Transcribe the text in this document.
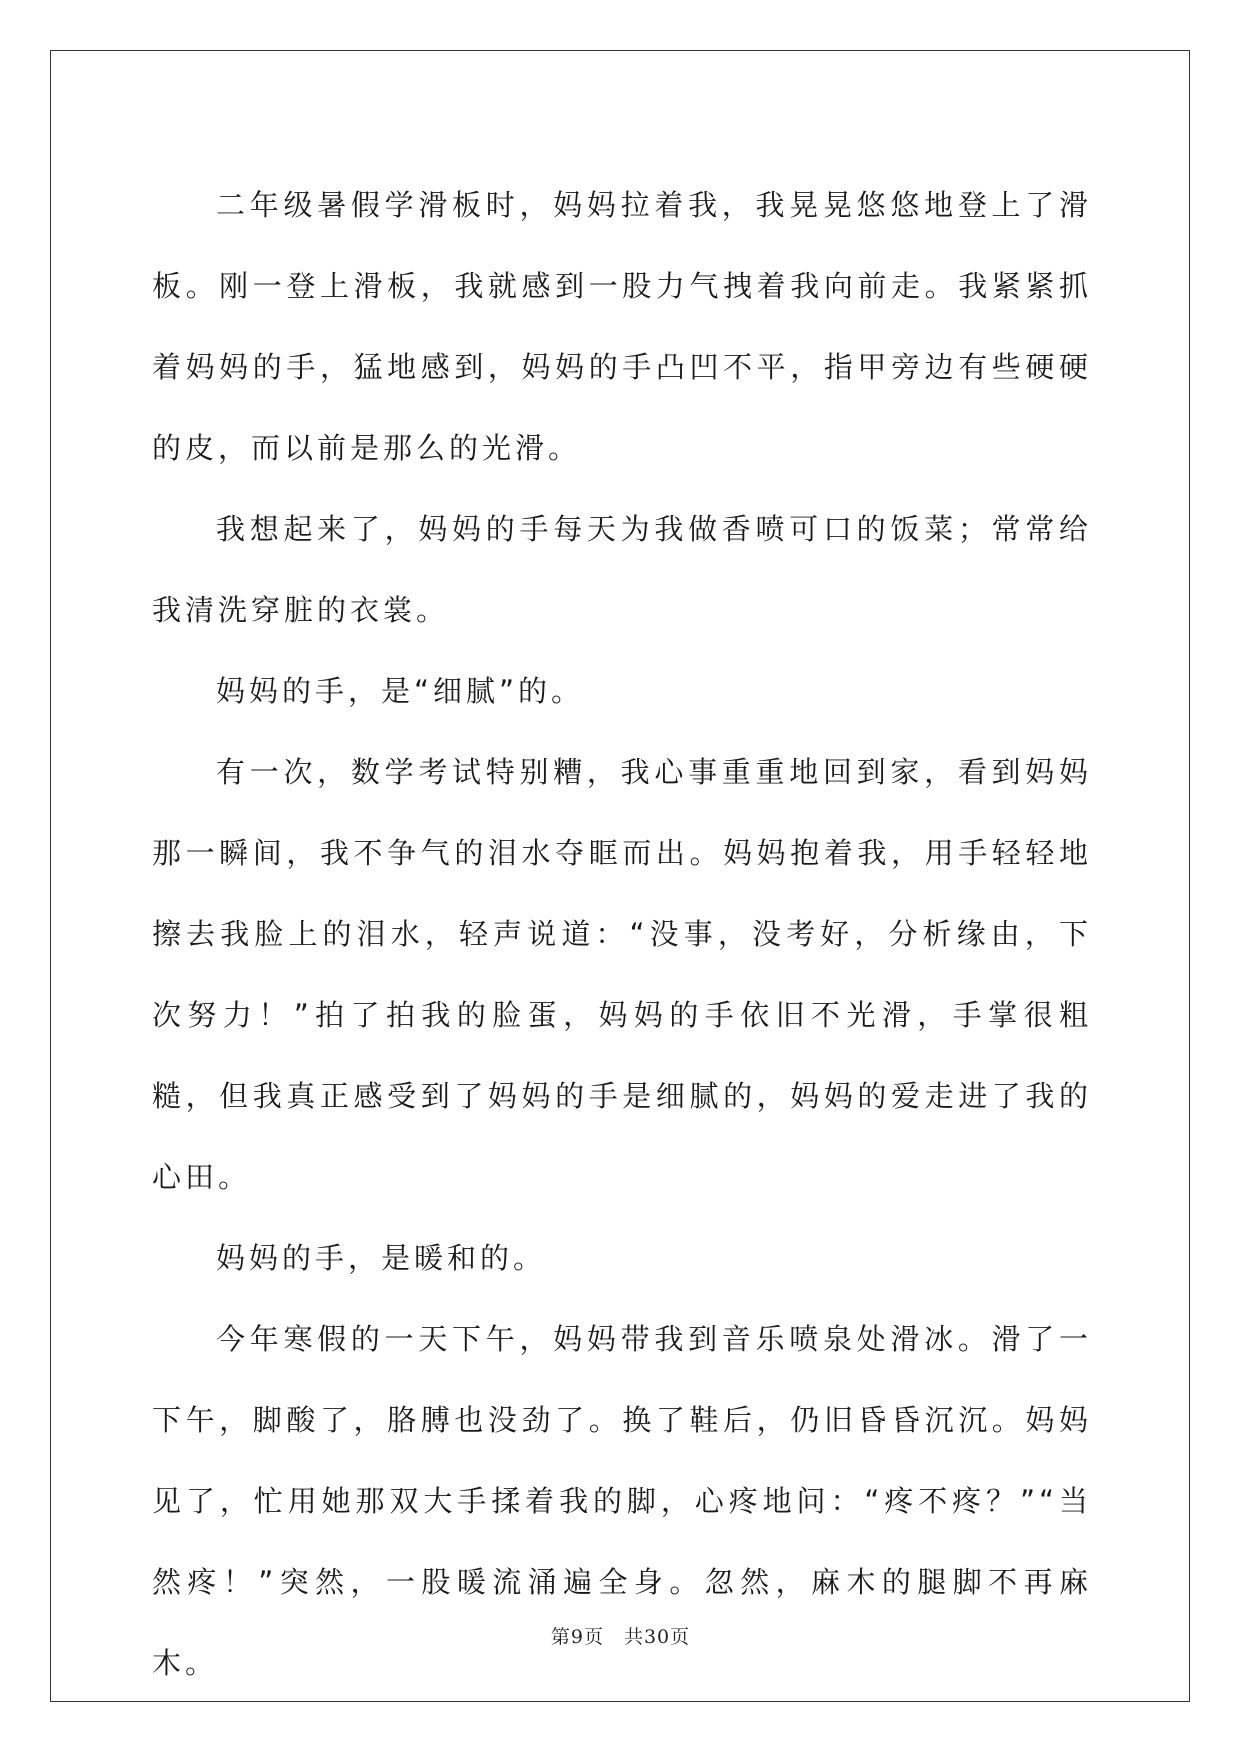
二年级暑假学滑板时，妈妈拉着我，我晃晃悠悠地登上了滑板。刚一登上滑板，我就感到一股力气拽着我向前走。我紧紧抓着妈妈的手，猛地感到，妈妈的手凸凹不平，指甲旁边有些硬硬的皮，而以前是那么的光滑。

我想起来了，妈妈的手每天为我做香喷可口的饭菜；常常给我清洗穿脏的衣裳。

妈妈的手，是“细腻”的。

有一次，数学考试特别糟，我心事重重地回到家，看到妈妈那一瞬间，我不争气的泪水夺眶而出。妈妈抱着我，用手轻轻地擦去我脸上的泪水，轻声说道：“没事，没考好，分析缘由，下次努力！”拍了拍我的脸蛋，妈妈的手依旧不光滑，手掌很粗糙，但我真正感受到了妈妈的手是细腻的，妈妈的爱走进了我的心田。

妈妈的手，是暖和的。

今年寒假的一天下午，妈妈带我到音乐喷泉处滑冰。滑了一下午，脚酸了，胳膊也没劲了。换了鞋后，仍旧昏昏沉沉。妈妈见了，忙用她那双大手揉着我的脚，心疼地问：“疼不疼？”“当然疼！”突然，一股暖流涌遍全身。忽然，麻木的腿脚不再麻木。

第9页　共30页
